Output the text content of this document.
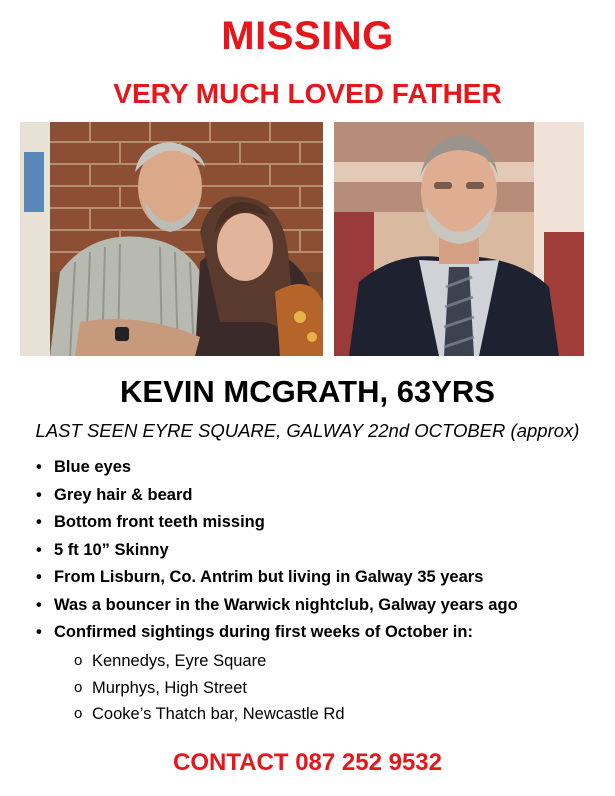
MISSING
VERY MUCH LOVED FATHER
KEVIN MCGRATH, 63YRS
LAST SEEN EYRE SQUARE, GALWAY 22nd OCTOBER (approx)
• Blue eyes
• Grey hair & beard
• Bottom front teeth missing
• 5 ft 10” Skinny
• From Lisburn, Co. Antrim but living in Galway 35 years
• Was a bouncer in the Warwick nightclub, Galway years ago
• Confirmed sightings during first weeks of October in:
o Kennedys, Eyre Square
o Murphys, High Street
o Cooke’s Thatch bar, Newcastle Rd
CONTACT 087 252 9532
